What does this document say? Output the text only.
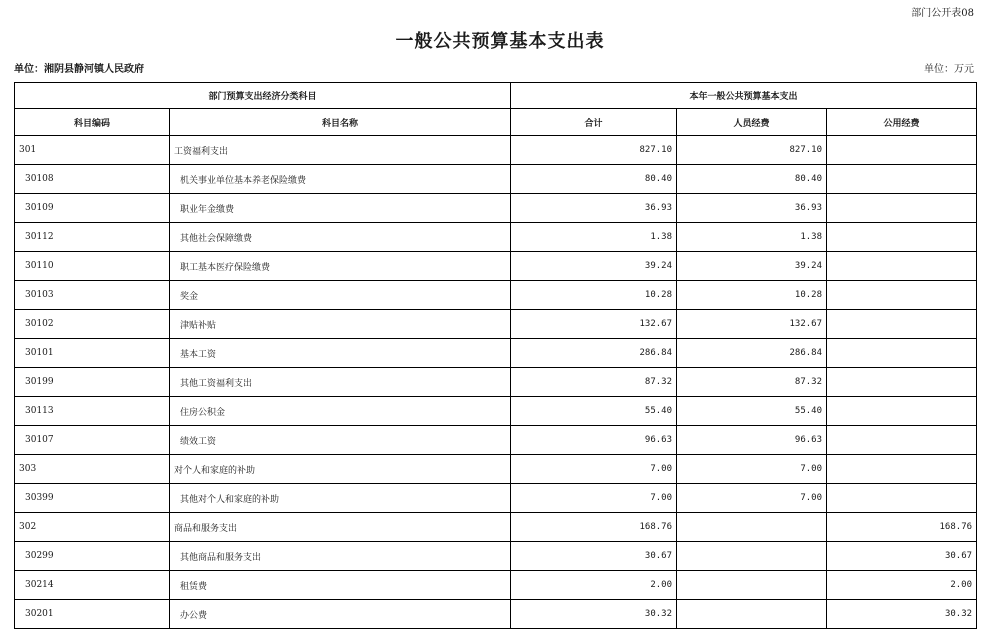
部门公开表08
一般公共预算基本支出表
单位：湘阴县静河镇人民政府	单位：万元
部门预算支出经济分类科目		本年一般公共预算基本支出		
科目编码	科目名称	合计	人员经费	公用经费
301	工资福利支出	827.10	827.10	
30108	机关事业单位基本养老保险缴费	80.40	80.40	
30109	职业年金缴费	36.93	36.93	
30112	其他社会保障缴费	1.38	1.38	
30110	职工基本医疗保险缴费	39.24	39.24	
30103	奖金	10.28	10.28	
30102	津贴补贴	132.67	132.67	
30101	基本工资	286.84	286.84	
30199	其他工资福利支出	87.32	87.32	
30113	住房公积金	55.40	55.40	
30107	绩效工资	96.63	96.63	
303	对个人和家庭的补助	7.00	7.00	
30399	其他对个人和家庭的补助	7.00	7.00	
302	商品和服务支出	168.76		168.76
30299	其他商品和服务支出	30.67		30.67
30214	租赁费	2.00		2.00
30201	办公费	30.32		30.32
